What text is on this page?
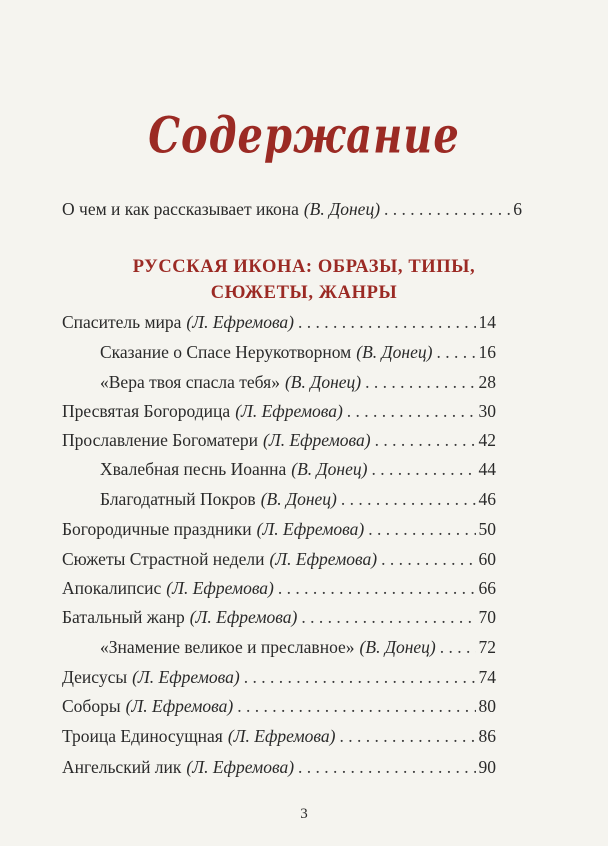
Содержание
О чем и как рассказывает икона (В. Донец) . . .	6
РУССКАЯ ИКОНА: ОБРАЗЫ, ТИПЫ,
СЮЖЕТЫ, ЖАНРЫ
Спаситель мира (Л. Ефремова) . . .	14
Сказание о Спасе Нерукотворном (В. Донец) . . .	16
«Вера твоя спасла тебя» (В. Донец) . . .	28
Пресвятая Богородица (Л. Ефремова) . . .	30
Прославление Богоматери (Л. Ефремова) . . .	42
Хвалебная песнь Иоанна (В. Донец) . . .	44
Благодатный Покров (В. Донец) . . .	46
Богородичные праздники (Л. Ефремова) . . .	50
Сюжеты Страстной недели (Л. Ефремова) . . .	60
Апокалипсис (Л. Ефремова) . . .	66
Батальный жанр (Л. Ефремова) . . .	70
«Знамение великое и преславное» (В. Донец) . . . 72
Деисусы (Л. Ефремова) . . .	74
Соборы (Л. Ефремова) . . .	80
Троица Единосущная (Л. Ефремова) . . .	86
Ангельский лик (Л. Ефремова) . . .	90
3
